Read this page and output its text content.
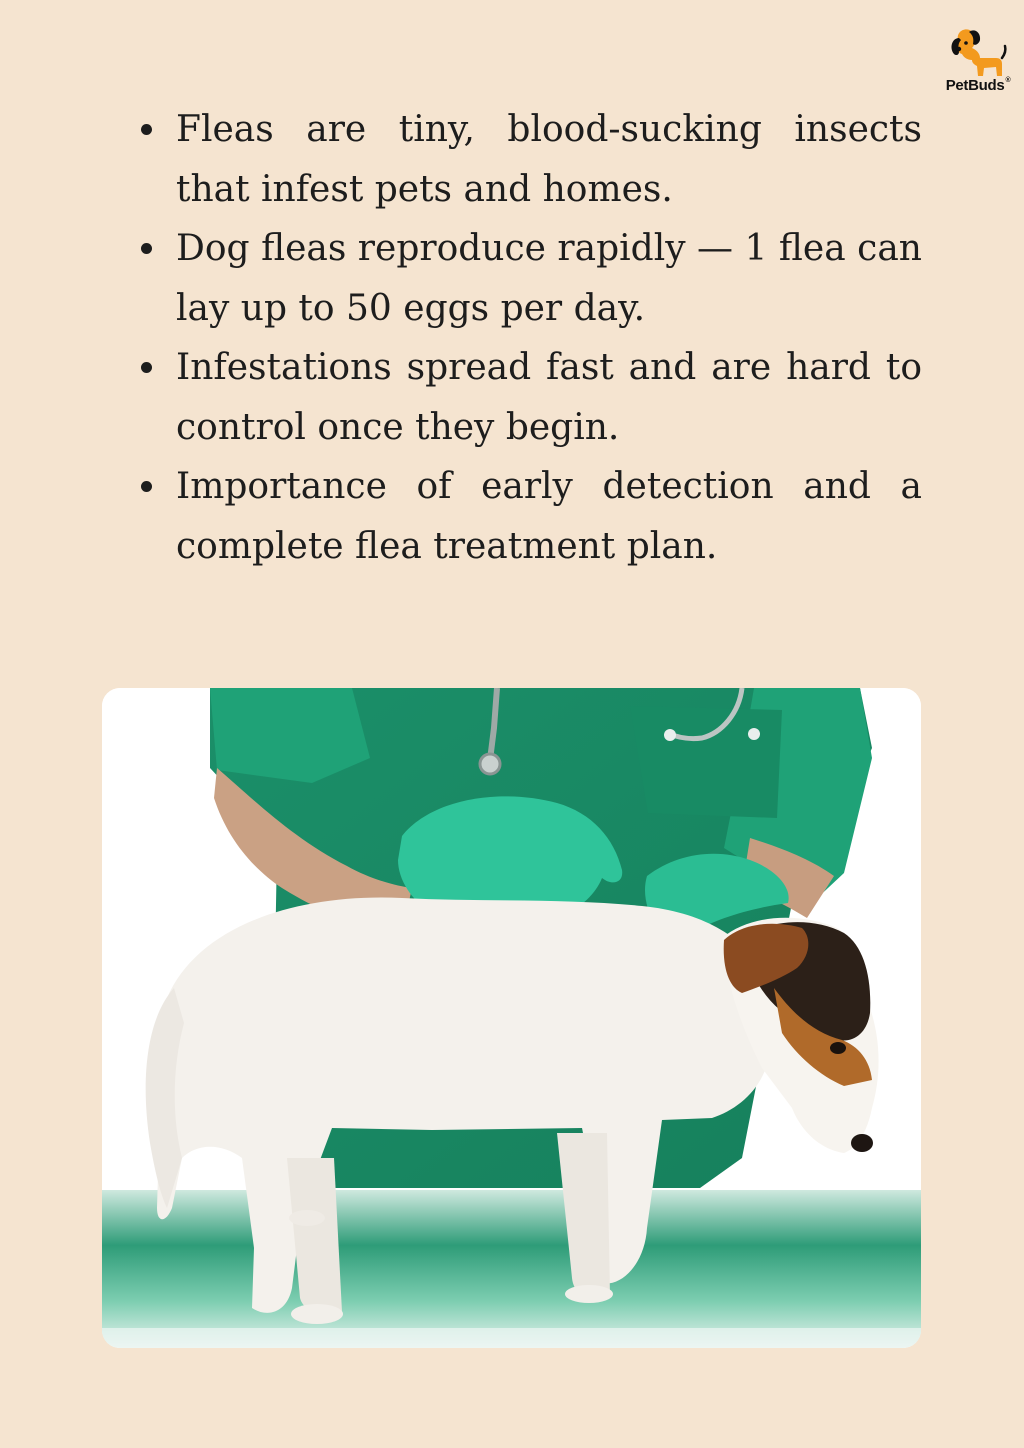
PetBuds®
Fleas are tiny, blood-sucking insects that infest pets and homes.
Dog fleas reproduce rapidly — 1 flea can lay up to 50 eggs per day.
Infestations spread fast and are hard to control once they begin.
Importance of early detection and a complete flea treatment plan.
